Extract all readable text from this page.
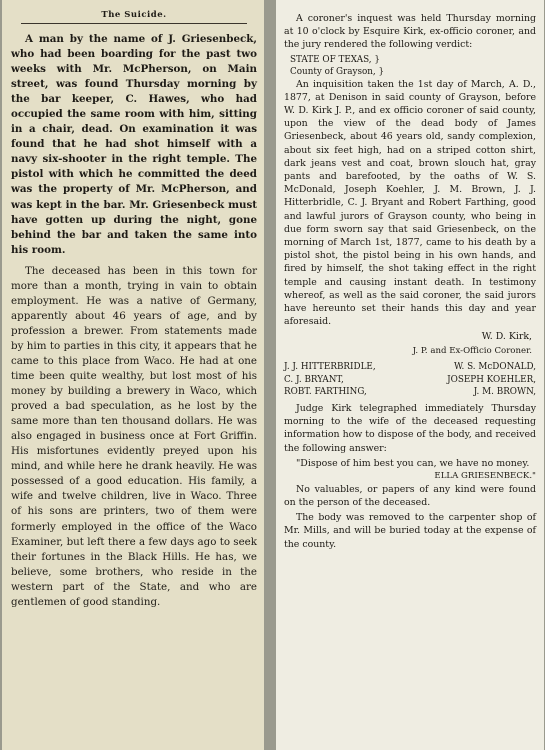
The Suicide.

A man by the name of J. Griesenbeck, who had been boarding for the past two weeks with Mr. McPherson, on Main street, was found Thursday morning by the bar keeper, C. Hawes, who had occupied the same room with him, sitting in a chair, dead. On examination it was found that he had shot himself with a navy six-shooter in the right temple. The pistol with which he committed the deed was the property of Mr. McPherson, and was kept in the bar. Mr. Griesenbeck must have gotten up during the night, gone behind the bar and taken the same into his room.

The deceased has been in this town for more than a month, trying in vain to obtain employment. He was a native of Germany, apparently about 46 years of age, and by profession a brewer. From statements made by him to parties in this city, it appears that he came to this place from Waco. He had at one time been quite wealthy, but lost most of his money by building a brewery in Waco, which proved a bad speculation, as he lost by the same more than ten thousand dollars. He was also engaged in business once at Fort Griffin. His misfortunes evidently preyed upon his mind, and while here he drank heavily. He was possessed of a good education. His family, a wife and twelve children, live in Waco. Three of his sons are printers, two of them were formerly employed in the office of the Waco Examiner, but left there a few days ago to seek their fortunes in the Black Hills. He has, we believe, some brothers, who reside in the western part of the State, and who are gentlemen of good standing.

A coroner's inquest was held Thursday morning at 10 o'clock by Esquire Kirk, ex-officio coroner, and the jury rendered the following verdict:

STATE OF TEXAS, }

County of Grayson, }

An inquisition taken the 1st day of March, A. D., 1877, at Denison in said county of Grayson, before W. D. Kirk J. P., and ex officio coroner of said county, upon the view of the dead body of James Griesenbeck, about 46 years old, sandy complexion, about six feet high, had on a striped cotton shirt, dark jeans vest and coat, brown slouch hat, gray pants and barefooted, by the oaths of W. S. McDonald, Joseph Koehler, J. M. Brown, J. J. Hitterbridle, C. J. Bryant and Robert Farthing, good and lawful jurors of Grayson county, who being in due form sworn say that said Griesenbeck, on the morning of March 1st, 1877, came to his death by a pistol shot, the pistol being in his own hands, and fired by himself, the shot taking effect in the right temple and causing instant death. In testimony whereof, as well as the said coroner, the said jurors have hereunto set their hands this day and year aforesaid.

W. D. Kirk,

J. P. and Ex-Officio Coroner.

J. J. HITTERBRIDLE,	W. S. McDONALD,
C. J. BRYANT,	JOSEPH KOEHLER,
ROBT. FARTHING,	J. M. BROWN,

Judge Kirk telegraphed immediately Thursday morning to the wife of the deceased requesting information how to dispose of the body, and received the following answer:

"Dispose of him best you can, we have no money.

ELLA GRIESENBECK."

No valuables, or papers of any kind were found on the person of the deceased.

The body was removed to the carpenter shop of Mr. Mills, and will be buried today at the expense of the county.
